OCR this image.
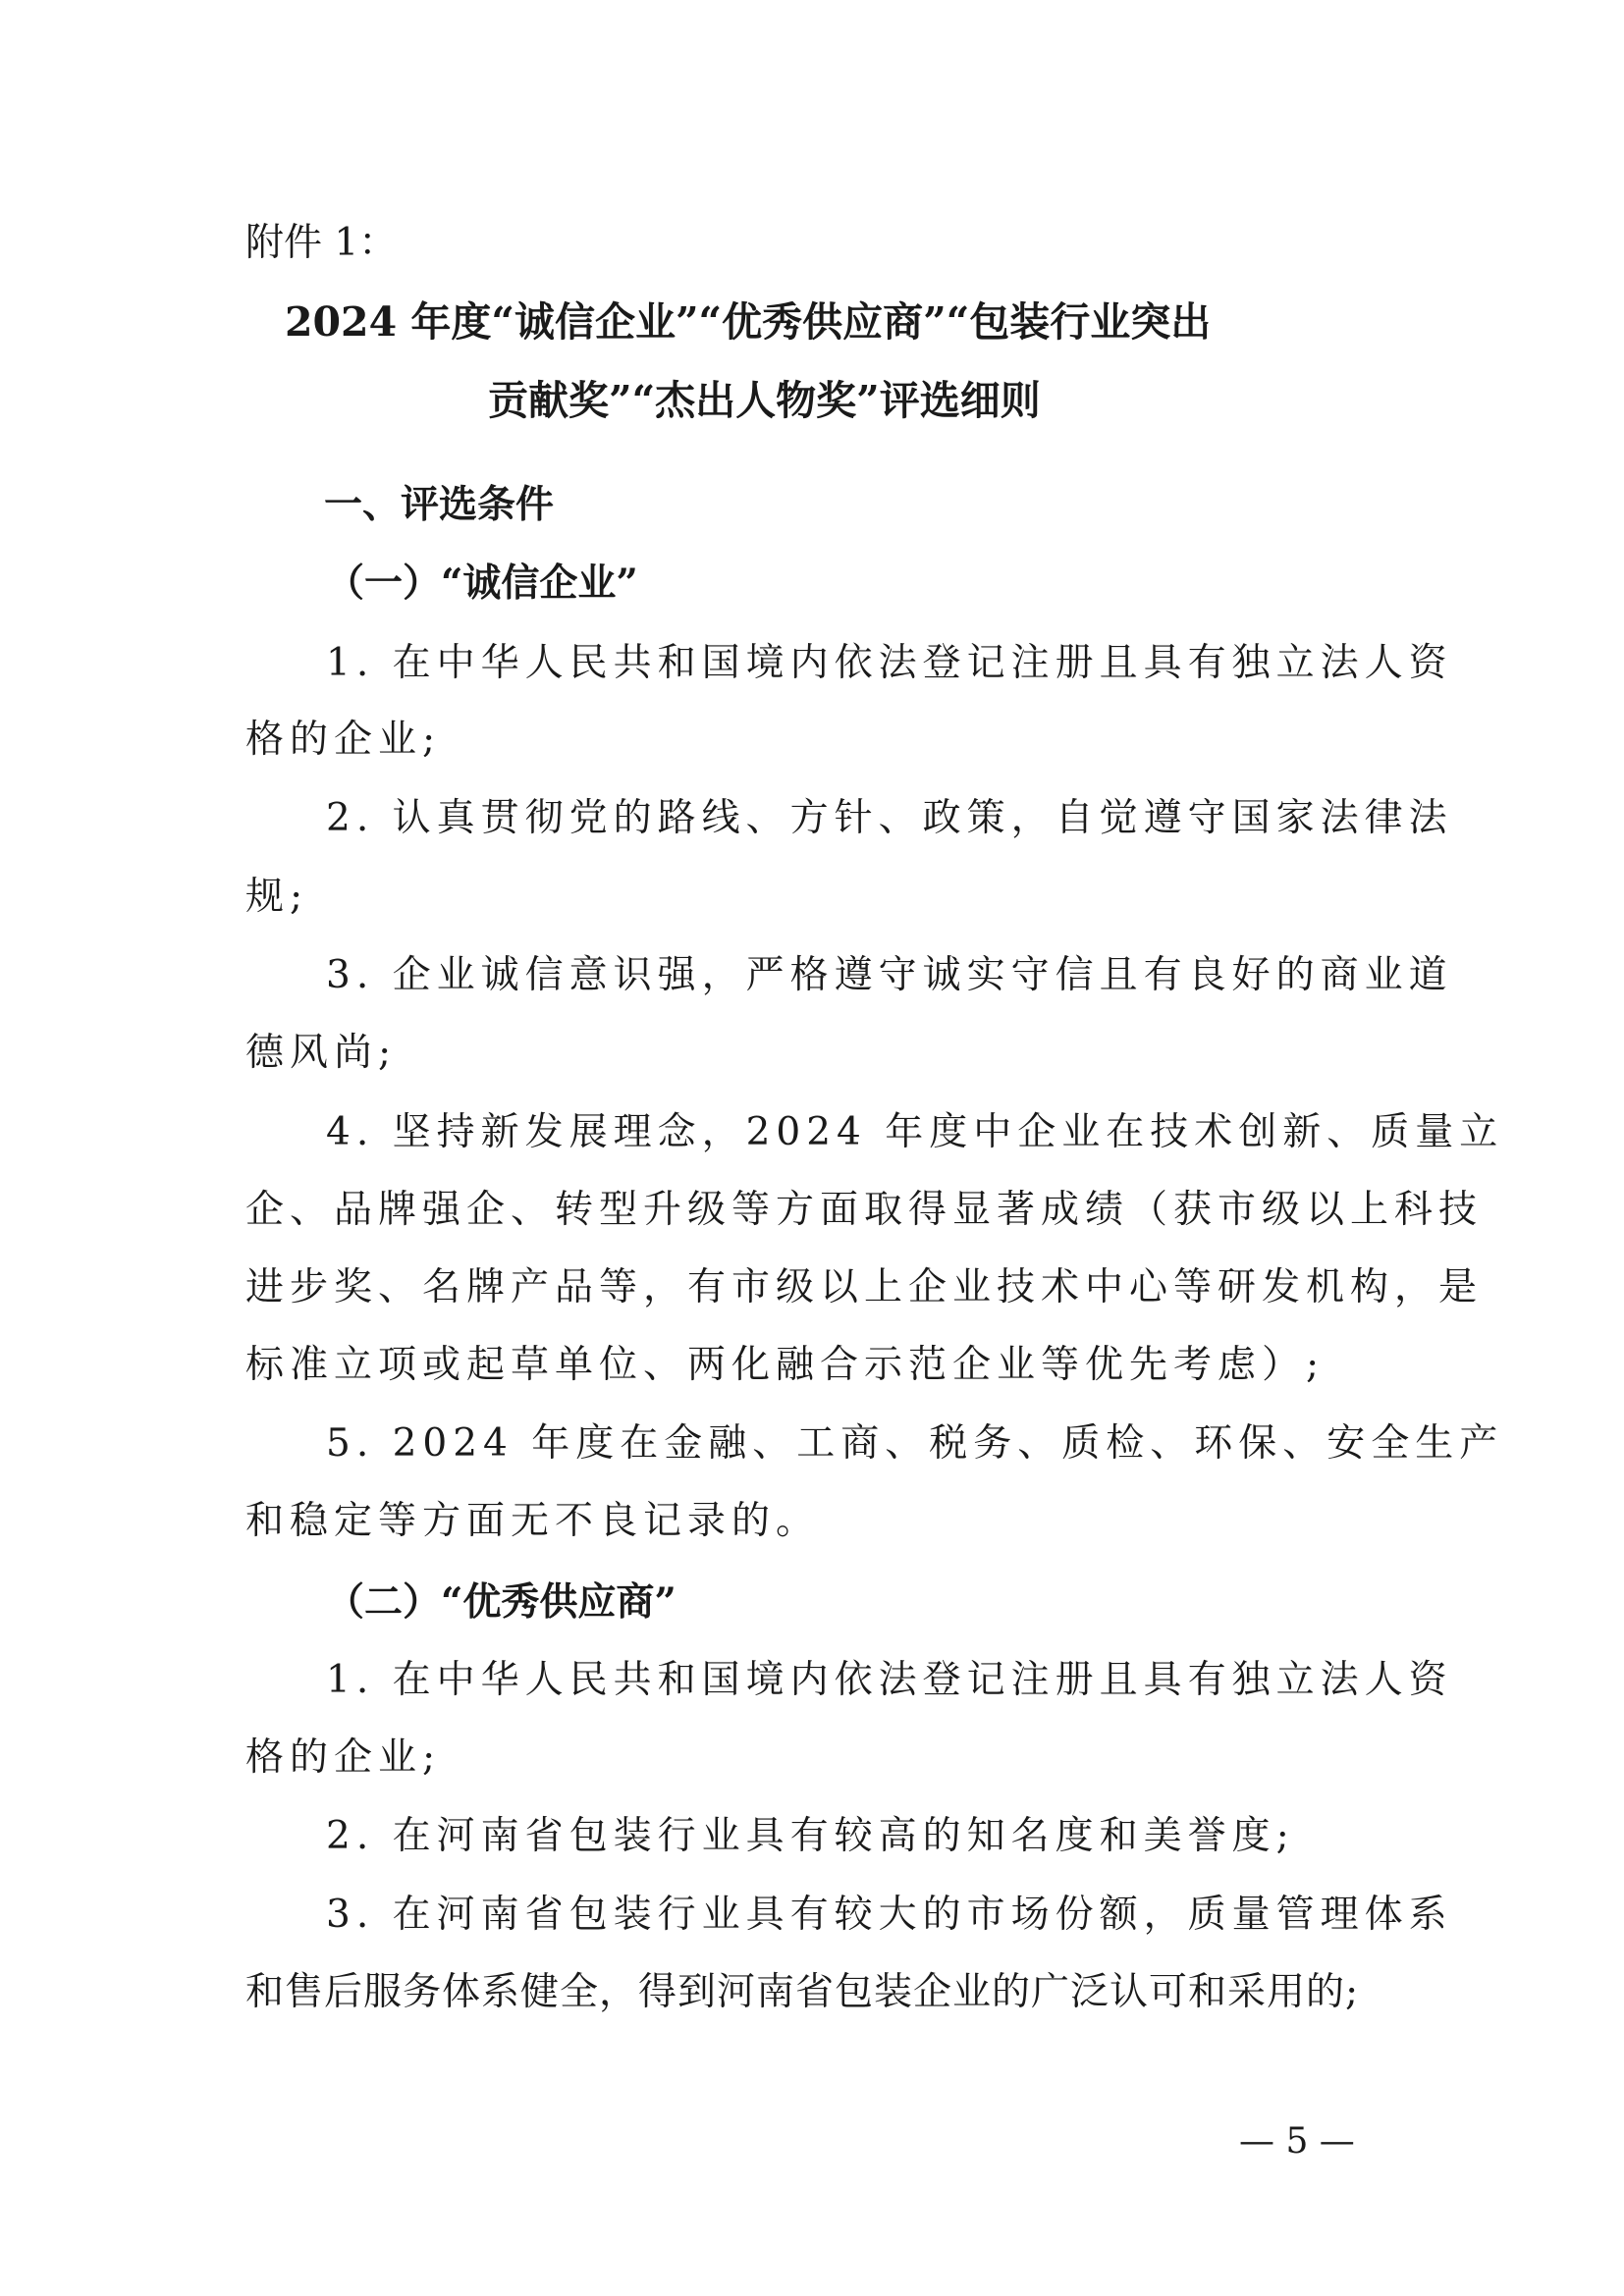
附件 1：
2024 年度“诚信企业”“优秀供应商”“包装行业突出
贡献奖”“杰出人物奖”评选细则
一、评选条件
（一）“诚信企业”
1. 在中华人民共和国境内依法登记注册且具有独立法人资
格的企业;
2. 认真贯彻党的路线、方针、政策，自觉遵守国家法律法
规;
3. 企业诚信意识强，严格遵守诚实守信且有良好的商业道
德风尚;
4. 坚持新发展理念，2024 年度中企业在技术创新、质量立
企、品牌强企、转型升级等方面取得显著成绩（获市级以上科技
进步奖、名牌产品等，有市级以上企业技术中心等研发机构，是
标准立项或起草单位、两化融合示范企业等优先考虑）;
5. 2024 年度在金融、工商、税务、质检、环保、安全生产
和稳定等方面无不良记录的。
（二）“优秀供应商”
1. 在中华人民共和国境内依法登记注册且具有独立法人资
格的企业;
2. 在河南省包装行业具有较高的知名度和美誉度;
3. 在河南省包装行业具有较大的市场份额，质量管理体系
和售后服务体系健全，得到河南省包装企业的广泛认可和采用的;
— 5 —
